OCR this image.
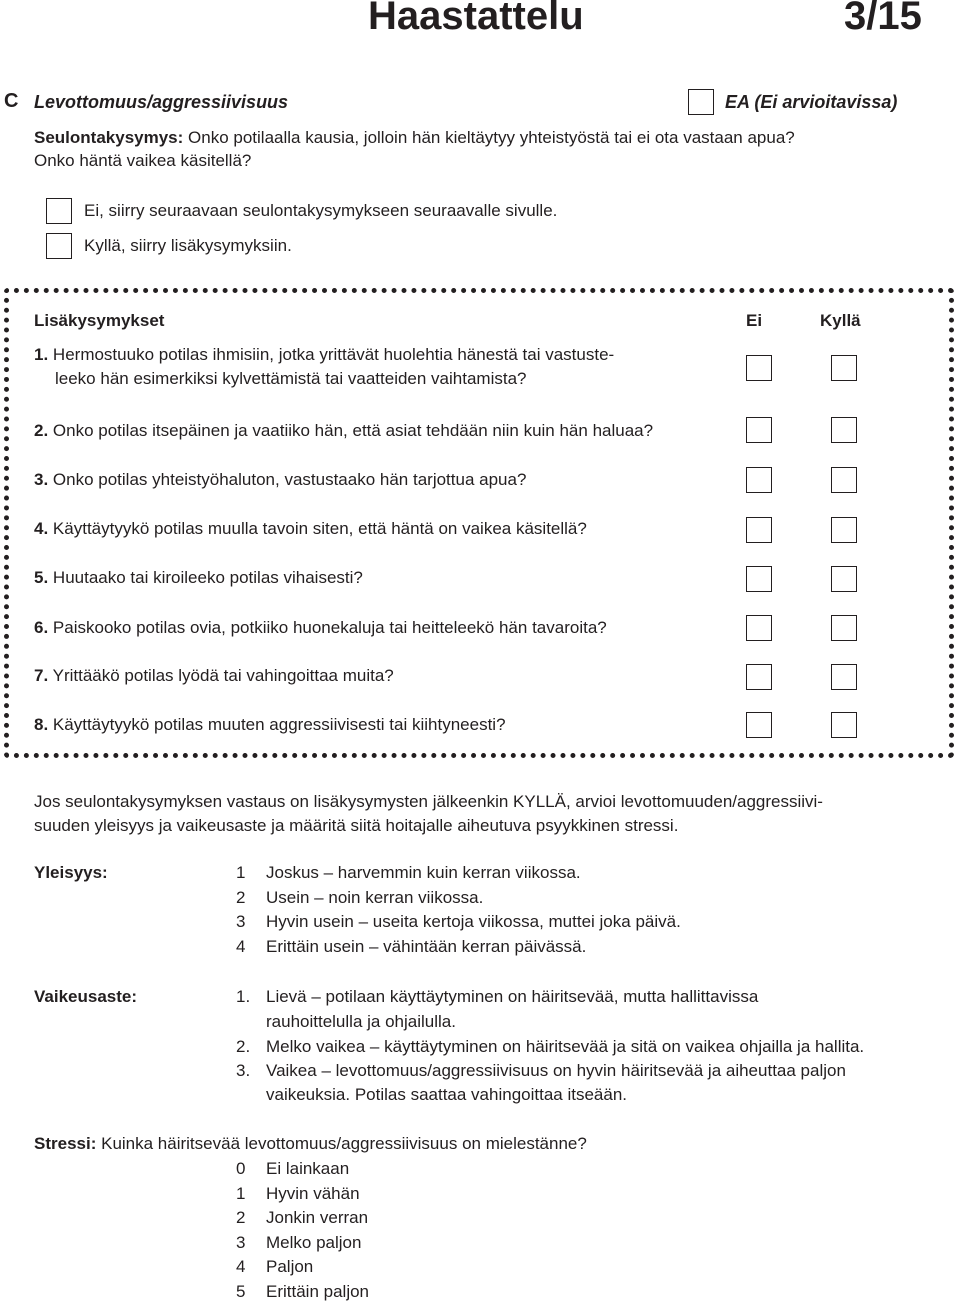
Haastattelu	3/15
C Levottomuus/aggressiivisuus	EA (Ei arvioitavissa)
Seulontakysymys: Onko potilaalla kausia, jolloin hän kieltäytyy yhteistyöstä tai ei ota vastaan apua?
Onko häntä vaikea käsitellä?
Ei, siirry seuraavaan seulontakysymykseen seuraavalle sivulle.
Kyllä, siirry lisäkysymyksiin.
Lisäkysymykset	Ei	Kyllä
1. Hermostuuko potilas ihmisiin, jotka yrittävät huolehtia hänestä tai vastuste-
leeko hän esimerkiksi kylvettämistä tai vaatteiden vaihtamista?
2. Onko potilas itsepäinen ja vaatiiko hän, että asiat tehdään niin kuin hän haluaa?
3. Onko potilas yhteistyöhaluton, vastustaako hän tarjottua apua?
4. Käyttäytyykö potilas muulla tavoin siten, että häntä on vaikea käsitellä?
5. Huutaako tai kiroileeko potilas vihaisesti?
6. Paiskooko potilas ovia, potkiiko huonekaluja tai heitteleekö hän tavaroita?
7. Yrittääkö potilas lyödä tai vahingoittaa muita?
8. Käyttäytyykö potilas muuten aggressiivisesti tai kiihtyneesti?
Jos seulontakysymyksen vastaus on lisäkysymysten jälkeenkin KYLLÄ, arvioi levottomuuden/aggressiivi-
suuden yleisyys ja vaikeusaste ja määritä siitä hoitajalle aiheutuva psyykkinen stressi.
Yleisyys:	1 Joskus – harvemmin kuin kerran viikossa.
2 Usein – noin kerran viikossa.
3 Hyvin usein – useita kertoja viikossa, muttei joka päivä.
4 Erittäin usein – vähintään kerran päivässä.
Vaikeusaste:	1. Lievä – potilaan käyttäytyminen on häiritsevää, mutta hallittavissa
rauhoittelulla ja ohjailulla.
2. Melko vaikea – käyttäytyminen on häiritsevää ja sitä on vaikea ohjailla ja hallita.
3. Vaikea – levottomuus/aggressiivisuus on hyvin häiritsevää ja aiheuttaa paljon
vaikeuksia. Potilas saattaa vahingoittaa itseään.
Stressi: Kuinka häiritsevää levottomuus/aggressiivisuus on mielestänne?
0 Ei lainkaan
1 Hyvin vähän
2 Jonkin verran
3 Melko paljon
4 Paljon
5 Erittäin paljon
